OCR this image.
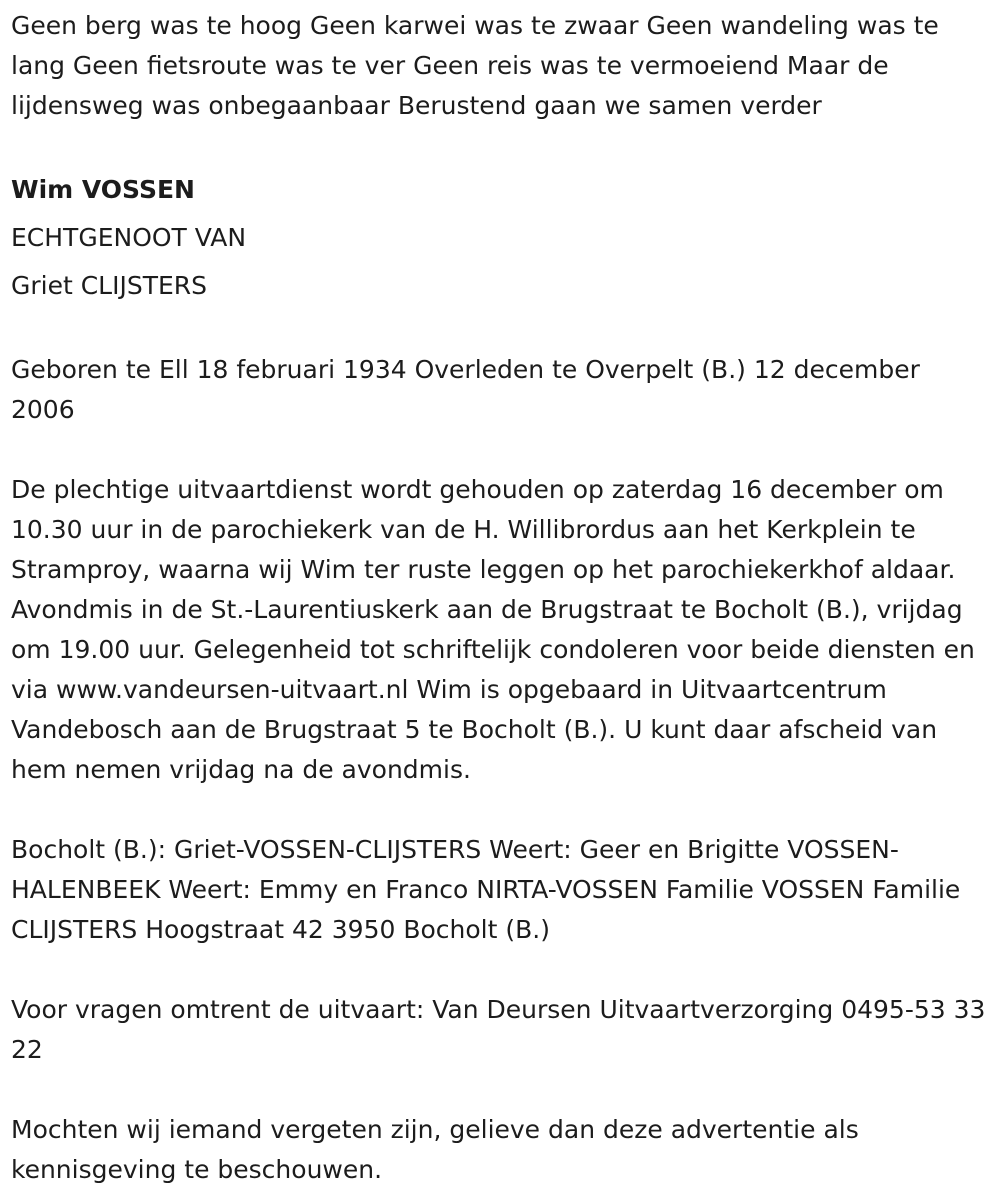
Geen berg was te hoog Geen karwei was te zwaar Geen wandeling was te lang Geen fietsroute was te ver Geen reis was te vermoeiend Maar de lijdensweg was onbegaanbaar Berustend gaan we samen verder

Wim VOSSEN

ECHTGENOOT VAN

Griet CLIJSTERS

Geboren te Ell 18 februari 1934 Overleden te Overpelt (B.) 12 december 2006

De plechtige uitvaartdienst wordt gehouden op zaterdag 16 december om 10.30 uur in de parochiekerk van de H. Willibrordus aan het Kerkplein te Stramproy, waarna wij Wim ter ruste leggen op het parochiekerkhof aldaar. Avondmis in de St.-Laurentiuskerk aan de Brugstraat te Bocholt (B.), vrijdag om 19.00 uur. Gelegenheid tot schriftelijk condoleren voor beide diensten en via www.vandeursen-uitvaart.nl Wim is opgebaard in Uitvaartcentrum Vandebosch aan de Brugstraat 5 te Bocholt (B.). U kunt daar afscheid van hem nemen vrijdag na de avondmis.

Bocholt (B.): Griet-VOSSEN-CLIJSTERS Weert: Geer en Brigitte VOSSEN-HALENBEEK Weert: Emmy en Franco NIRTA-VOSSEN Familie VOSSEN Familie CLIJSTERS Hoogstraat 42 3950 Bocholt (B.)

Voor vragen omtrent de uitvaart: Van Deursen Uitvaartverzorging 0495-53 33 22

Mochten wij iemand vergeten zijn, gelieve dan deze advertentie als kennisgeving te beschouwen.
